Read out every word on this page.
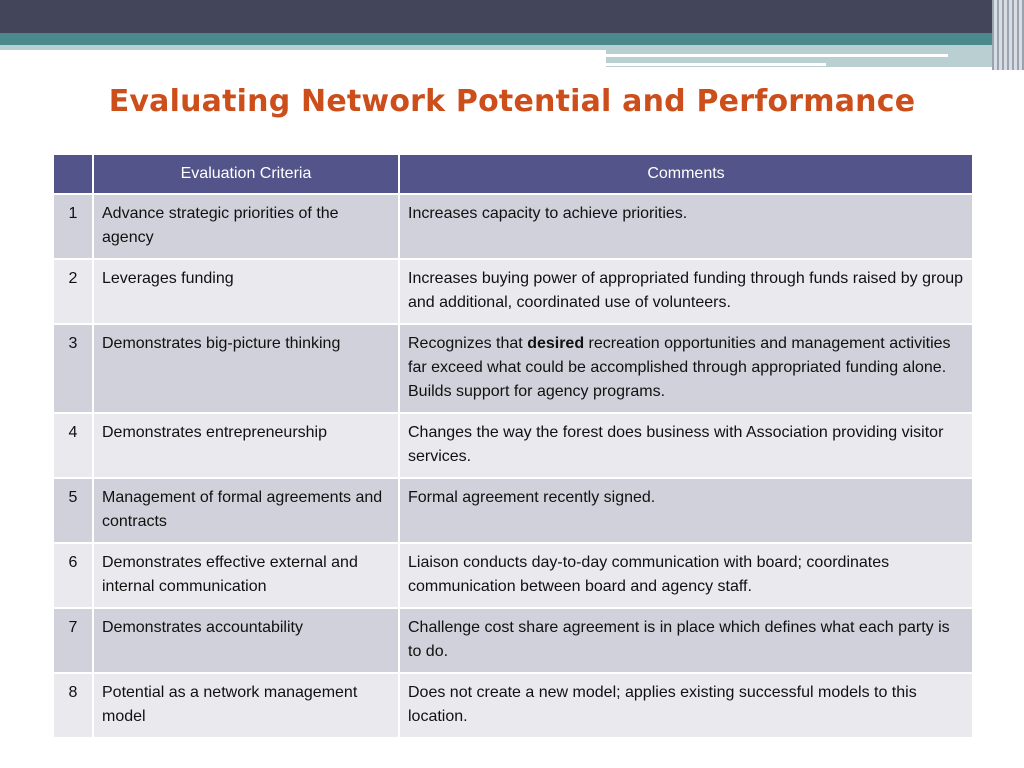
Evaluating Network Potential and Performance
	Evaluation Criteria	Comments
1	Advance strategic priorities of the agency	Increases capacity to achieve priorities.
2	Leverages funding	Increases buying power of appropriated funding through funds raised by group and additional, coordinated use of volunteers.
3	Demonstrates big-picture thinking	Recognizes that desired recreation opportunities and management activities far exceed what could be accomplished through appropriated funding alone. Builds support for agency programs.
4	Demonstrates entrepreneurship	Changes the way the forest does business with Association providing visitor services.
5	Management of formal agreements and contracts	Formal agreement recently signed.
6	Demonstrates effective external and internal communication	Liaison conducts day-to-day communication with board; coordinates communication between board and agency staff.
7	Demonstrates accountability	Challenge cost share agreement is in place which defines what each party is to do.
8	Potential as a network management model	Does not create a new model; applies existing successful models to this location.
